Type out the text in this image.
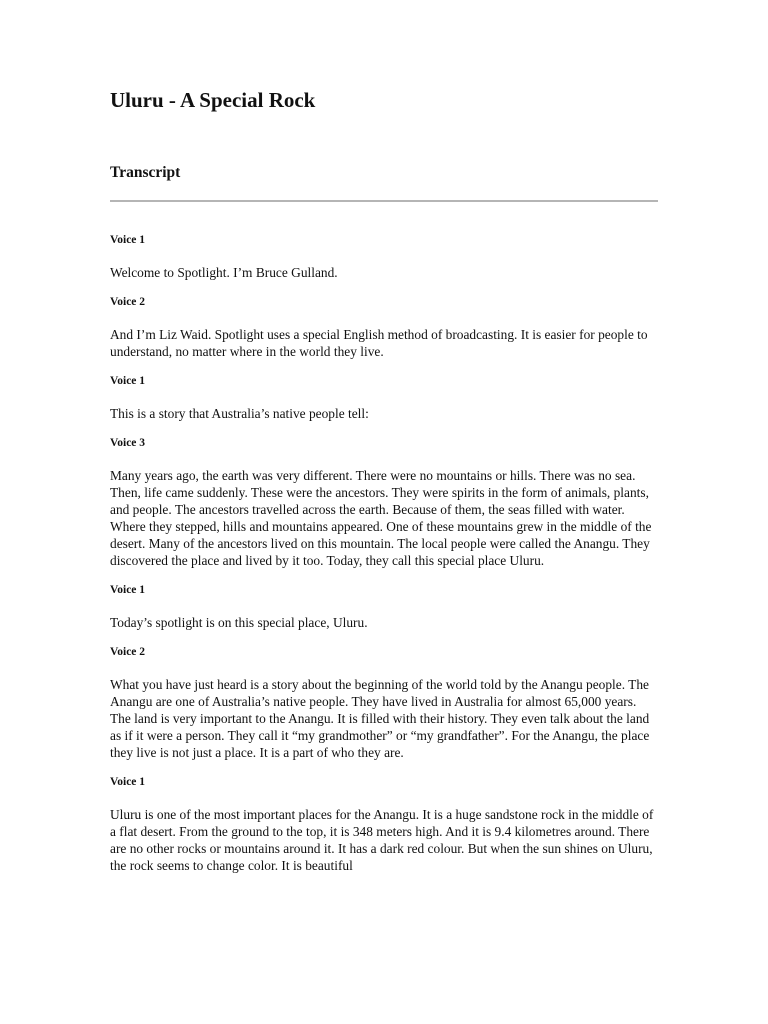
Uluru - A Special Rock
Transcript

Voice 1

Welcome to Spotlight. I’m Bruce Gulland.

Voice 2

And I’m Liz Waid. Spotlight uses a special English method of broadcasting. It is easier for people to understand, no matter where in the world they live.

Voice 1

This is a story that Australia’s native people tell:

Voice 3

Many years ago, the earth was very different. There were no mountains or hills. There was no sea. Then, life came suddenly. These were the ancestors. They were spirits in the form of animals, plants, and people. The ancestors travelled across the earth. Because of them, the seas filled with water. Where they stepped, hills and mountains appeared. One of these mountains grew in the middle of the desert. Many of the ancestors lived on this mountain. The local people were called the Anangu. They discovered the place and lived by it too. Today, they call this special place Uluru.

Voice 1

Today’s spotlight is on this special place, Uluru.

Voice 2

What you have just heard is a story about the beginning of the world told by the Anangu people. The Anangu are one of Australia’s native people. They have lived in Australia for almost 65,000 years. The land is very important to the Anangu. It is filled with their history. They even talk about the land as if it were a person. They call it “my grandmother” or “my grandfather”. For the Anangu, the place they live is not just a place. It is a part of who they are.

Voice 1

Uluru is one of the most important places for the Anangu. It is a huge sandstone rock in the middle of a flat desert. From the ground to the top, it is 348 meters high. And it is 9.4 kilometres around. There are no other rocks or mountains around it. It has a dark red colour. But when the sun shines on Uluru, the rock seems to change color. It is beautiful
